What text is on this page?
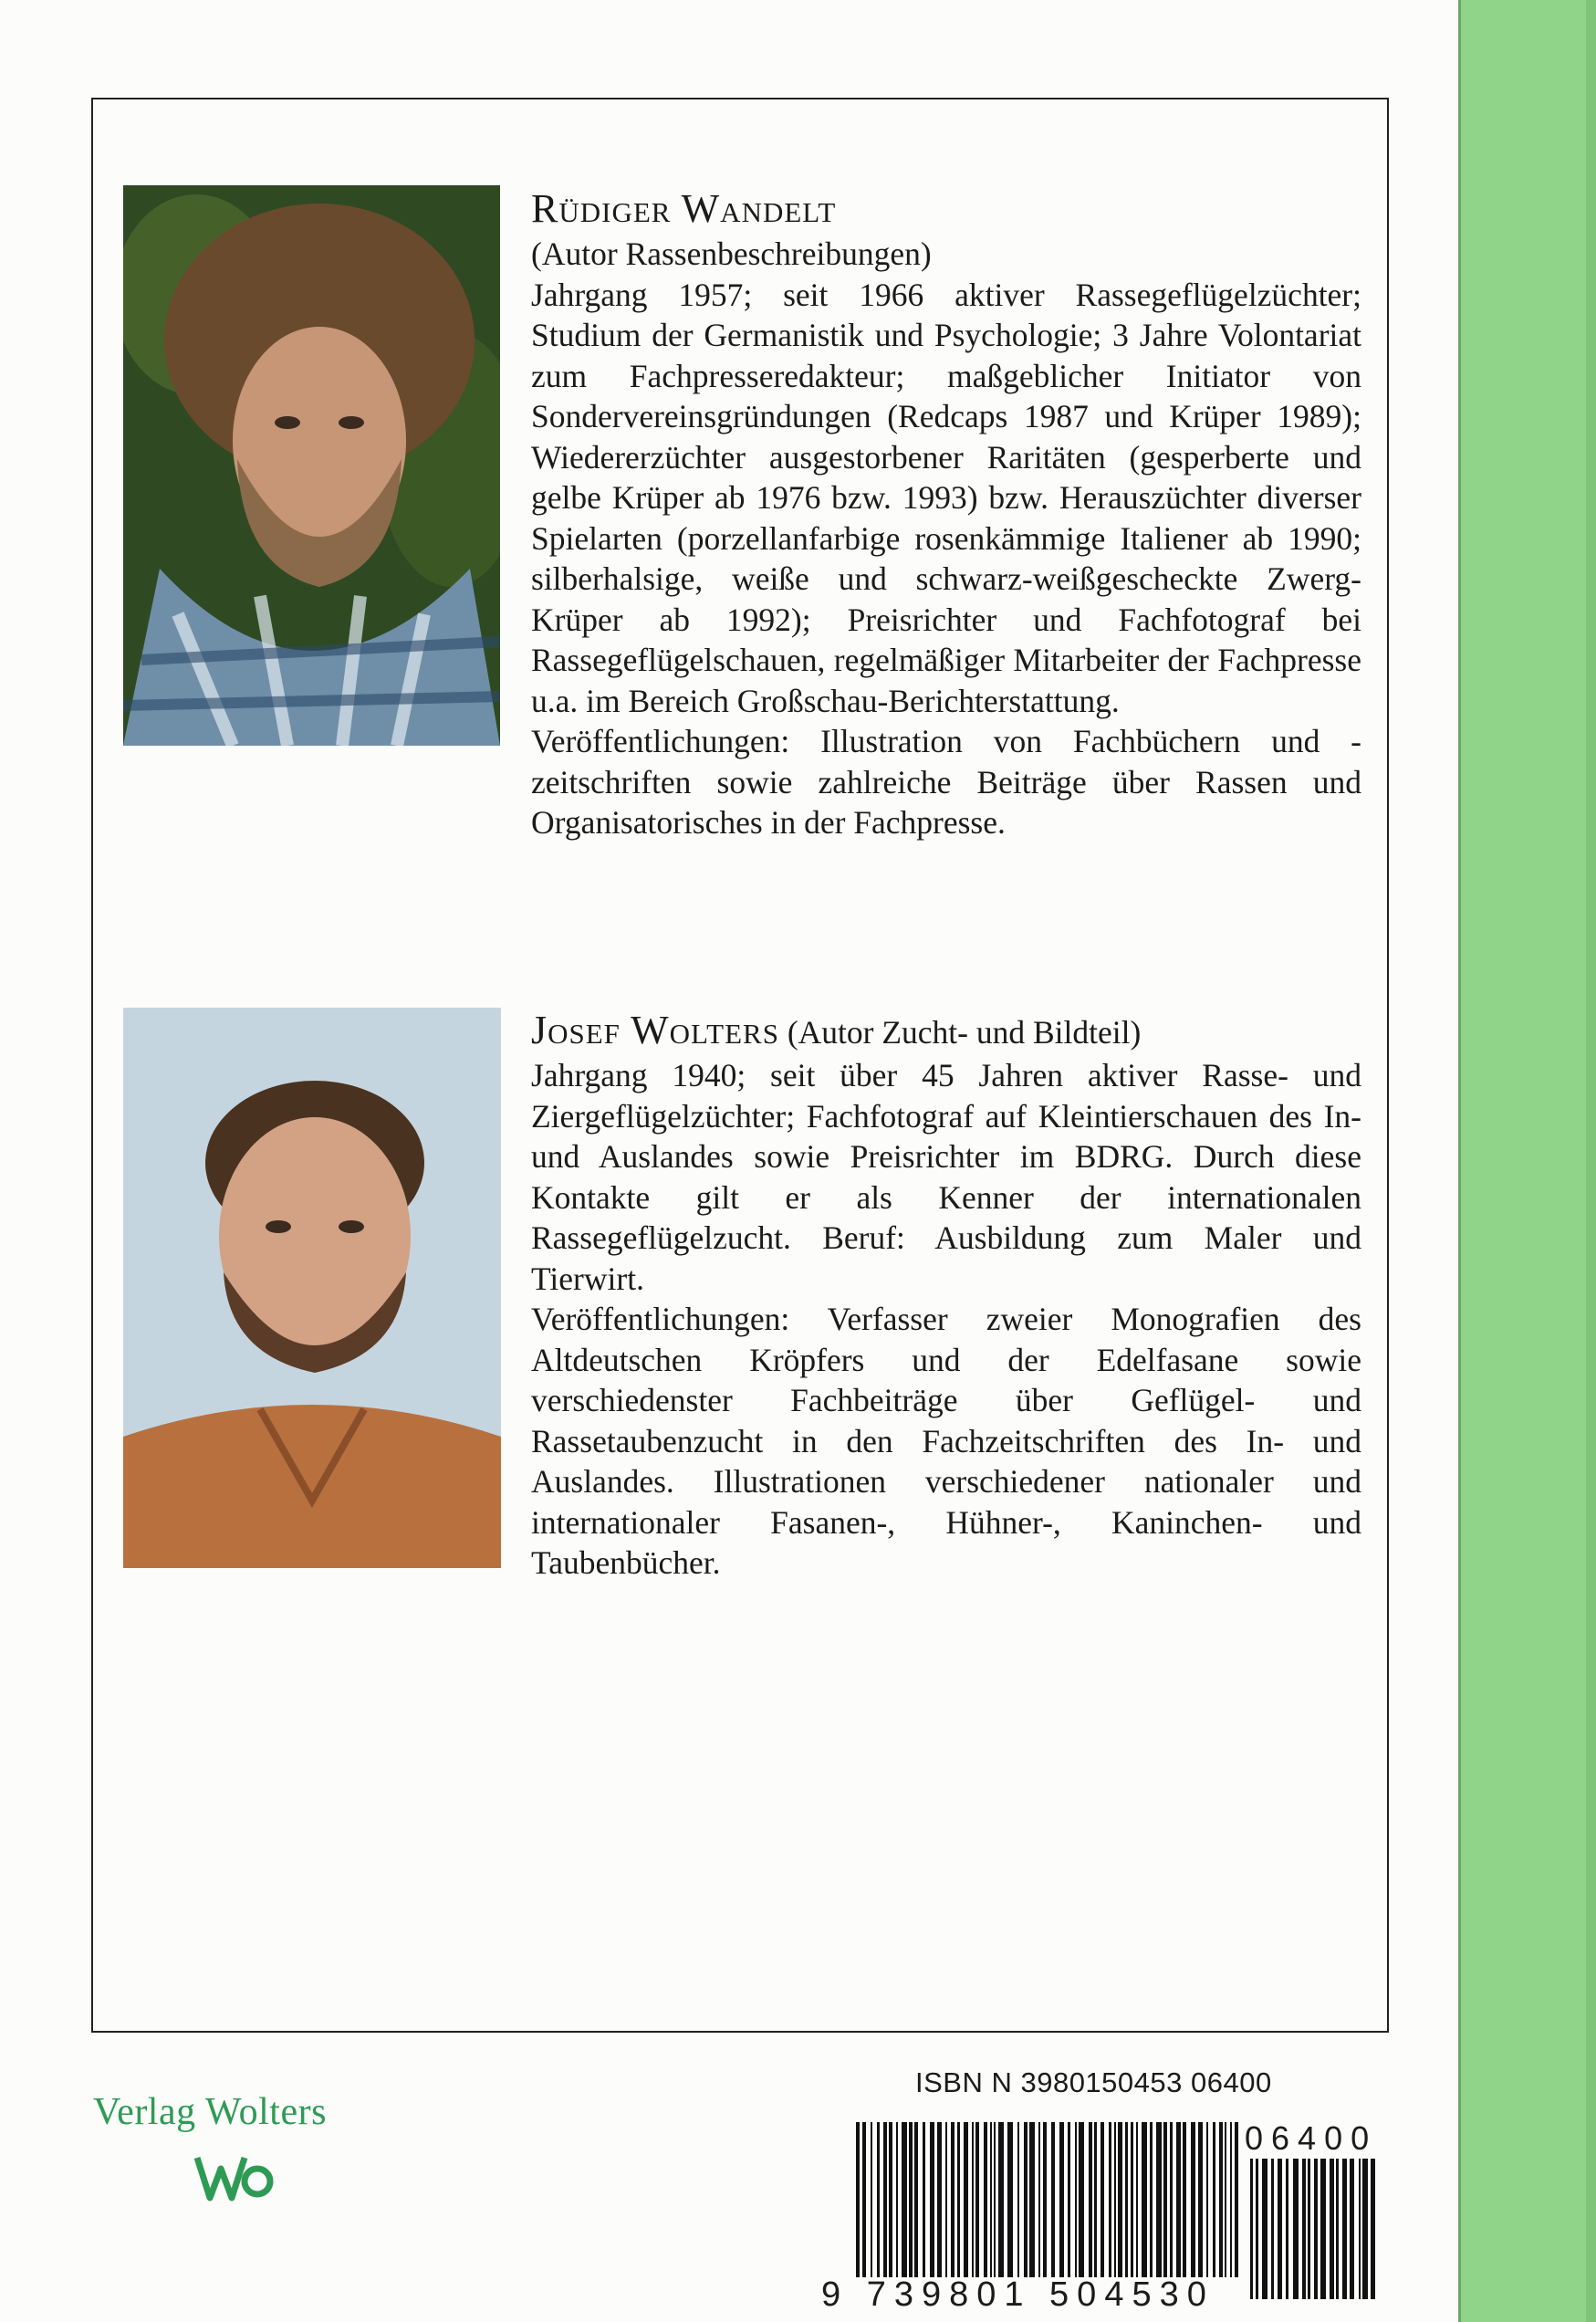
Rüdiger Wandelt
(Autor Rassenbeschreibungen)

Jahrgang 1957; seit 1966 aktiver Rassegeflügelzüchter; Studium der Germanistik und Psychologie; 3 Jahre Volontariat zum Fachpresseredakteur; maßgeblicher Initiator von Sondervereinsgründungen (Redcaps 1987 und Krüper 1989); Wiedererzüchter ausgestorbener Raritäten (gesperberte und gelbe Krüper ab 1976 bzw. 1993) bzw. Herauszüchter diverser Spielarten (porzellanfarbige rosenkämmige Italiener ab 1990; silberhalsige, weiße und schwarz-weißgescheckte Zwerg-Krüper ab 1992); Preisrichter und Fachfotograf bei Rassegeflügelschauen, regelmäßiger Mitarbeiter der Fachpresse u.a. im Bereich Großschau-Berichterstattung.

Veröffentlichungen: Illustration von Fachbüchern und -zeitschriften sowie zahlreiche Beiträge über Rassen und Organisatorisches in der Fachpresse.

Josef Wolters (Autor Zucht- und Bildteil)

Jahrgang 1940; seit über 45 Jahren aktiver Rasse- und Ziergeflügelzüchter; Fachfotograf auf Kleintierschauen des In- und Auslandes sowie Preisrichter im BDRG. Durch diese Kontakte gilt er als Kenner der internationalen Rassegeflügelzucht. Beruf: Ausbildung zum Maler und Tierwirt.

Veröffentlichungen: Verfasser zweier Monografien des Altdeutschen Kröpfers und der Edelfasane sowie verschiedenster Fachbeiträge über Geflügel- und Rassetaubenzucht in den Fachzeitschriften des In- und Auslandes. Illustrationen verschiedener nationaler und internationaler Fasanen-, Hühner-, Kaninchen- und Taubenbücher.

Verlag Wolters
ISBN N 3980150453 06400
06400
9 739801 504530
